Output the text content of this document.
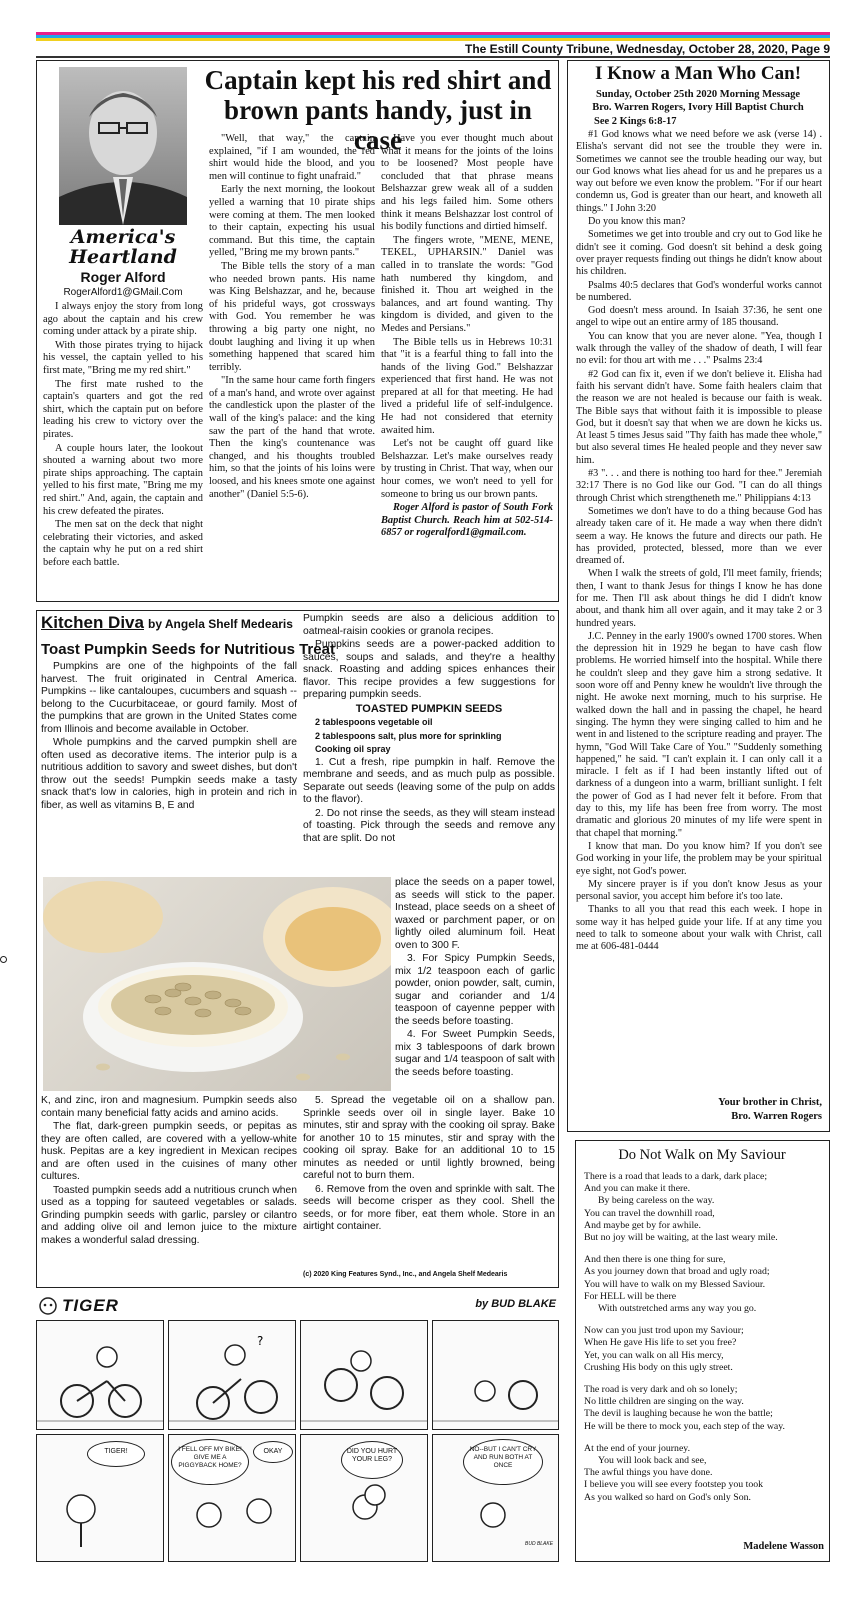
The Estill County Tribune, Wednesday, October 28, 2020, Page 9
America's
Heartland
Roger Alford
RogerAlford1@GMail.Com
Captain kept his red shirt and brown pants handy, just in case

I always enjoy the story from long ago about the captain and his crew coming under attack by a pirate ship.

With those pirates trying to hijack his vessel, the captain yelled to his first mate, "Bring me my red shirt."

The first mate rushed to the captain's quarters and got the red shirt, which the captain put on before leading his crew to victory over the pirates.

A couple hours later, the lookout shouted a warning about two more pirate ships approaching. The captain yelled to his first mate, "Bring me my red shirt." And, again, the captain and his crew defeated the pirates.

The men sat on the deck that night celebrating their victories, and asked the captain why he put on a red shirt before each battle.

"Well, that way," the captain explained, "if I am wounded, the red shirt would hide the blood, and you men will continue to fight unafraid."

Early the next morning, the lookout yelled a warning that 10 pirate ships were coming at them. The men looked to their captain, expecting his usual command. But this time, the captain yelled, "Bring me my brown pants."

The Bible tells the story of a man who needed brown pants. His name was King Belshazzar, and he, because of his prideful ways, got crossways with God. You remember he was throwing a big party one night, no doubt laughing and living it up when something happened that scared him terribly.

"In the same hour came forth fingers of a man's hand, and wrote over against the candlestick upon the plaster of the wall of the king's palace: and the king saw the part of the hand that wrote. Then the king's countenance was changed, and his thoughts troubled him, so that the joints of his loins were loosed, and his knees smote one against another" (Daniel 5:5-6).

Have you ever thought much about what it means for the joints of the loins to be loosened? Most people have concluded that that phrase means Belshazzar grew weak all of a sudden and his legs failed him. Some others think it means Belshazzar lost control of his bodily functions and dirtied himself.

The fingers wrote, "MENE, MENE, TEKEL, UPHARSIN." Daniel was called in to translate the words: "God hath numbered thy kingdom, and finished it. Thou art weighed in the balances, and art found wanting. Thy kingdom is divided, and given to the Medes and Persians."

The Bible tells us in Hebrews 10:31 that "it is a fearful thing to fall into the hands of the living God." Belshazzar experienced that first hand. He was not prepared at all for that meeting. He had lived a prideful life of self-indulgence. He had not considered that eternity awaited him.

Let's not be caught off guard like Belshazzar. Let's make ourselves ready by trusting in Christ. That way, when our hour comes, we won't need to yell for someone to bring us our brown pants.

Roger Alford is pastor of South Fork Baptist Church. Reach him at 502-514-6857 or rogeralford1@gmail.com.

I Know a Man Who Can!
Sunday, October 25th 2020 Morning Message
Bro. Warren Rogers, Ivory Hill Baptist Church
See 2 Kings 6:8-17

#1 God knows what we need before we ask (verse 14) . Elisha's servant did not see the trouble they were in. Sometimes we cannot see the trouble heading our way, but our God knows what lies ahead for us and he prepares us a way out before we even know the problem. "For if our heart condemn us, God is greater than our heart, and knoweth all things." I John 3:20

Do you know this man?

Sometimes we get into trouble and cry out to God like he didn't see it coming. God doesn't sit behind a desk going over prayer requests finding out things he didn't know about his children.

Psalms 40:5 declares that God's wonderful works cannot be numbered.

God doesn't mess around. In Isaiah 37:36, he sent one angel to wipe out an entire army of 185 thousand.

You can know that you are never alone. "Yea, though I walk through the valley of the shadow of death, I will fear no evil: for thou art with me . . ." Psalms 23:4

#2 God can fix it, even if we don't believe it. Elisha had faith his servant didn't have. Some faith healers claim that the reason we are not healed is because our faith is weak. The Bible says that without faith it is impossible to please God, but it doesn't say that when we are down he kicks us. At least 5 times Jesus said "Thy faith has made thee whole," but also several times He healed people and they never saw him.

#3 ". . . and there is nothing too hard for thee." Jeremiah 32:17 There is no God like our God. "I can do all things through Christ which strengtheneth me." Philippians 4:13

Sometimes we don't have to do a thing because God has already taken care of it. He made a way when there didn't seem a way. He knows the future and directs our path. He has provided, protected, blessed, more than we ever dreamed of.

When I walk the streets of gold, I'll meet family, friends; then, I want to thank Jesus for things I know he has done for me. Then I'll ask about things he did I didn't know about, and thank him all over again, and it may take 2 or 3 hundred years.

J.C. Penney in the early 1900's owned 1700 stores. When the depression hit in 1929 he began to have cash flow problems. He worried himself into the hospital. While there he couldn't sleep and they gave him a strong sedative. It soon wore off and Penny knew he wouldn't live through the night. He awoke next morning, much to his surprise. He walked down the hall and in passing the chapel, he heard singing. The hymn they were singing called to him and he went in and listened to the scripture reading and prayer. The hymn, "God Will Take Care of You." "Suddenly something happened," he said. "I can't explain it. I can only call it a miracle. I felt as if I had been instantly lifted out of darkness of a dungeon into a warm, brilliant sunlight. I felt the power of God as I had never felt it before. From that day to this, my life has been free from worry. The most dramatic and glorious 20 minutes of my life were spent in that chapel that morning."

I know that man. Do you know him? If you don't see God working in your life, the problem may be your spiritual eye sight, not God's power.

My sincere prayer is if you don't know Jesus as your personal savior, you accept him before it's too late.

Thanks to all you that read this each week. I hope in some way it has helped guide your life. If at any time you need to talk to someone about your walk with Christ, call me at 606-481-0444

Your brother in Christ,
Bro. Warren Rogers
Kitchen Diva by Angela Shelf Medearis
Toast Pumpkin Seeds for Nutritious Treat

Pumpkins are one of the highpoints of the fall harvest. The fruit originated in Central America. Pumpkins -- like cantaloupes, cucumbers and squash -- belong to the Cucurbitaceae, or gourd family. Most of the pumpkins that are grown in the United States come from Illinois and become available in October.

Whole pumpkins and the carved pumpkin shell are often used as decorative items. The interior pulp is a nutritious addition to savory and sweet dishes, but don't throw out the seeds! Pumpkin seeds make a tasty snack that's low in calories, high in protein and rich in fiber, as well as vitamins B, E and

Pumpkin seeds are also a delicious addition to oatmeal-raisin cookies or granola recipes.

Pumpkins seeds are a power-packed addition to sauces, soups and salads, and they're a healthy snack. Roasting and adding spices enhances their flavor. This recipe provides a few suggestions for preparing pumpkin seeds.

TOASTED PUMPKIN SEEDS

2 tablespoons vegetable oil

2 tablespoons salt, plus more for sprinkling

Cooking oil spray

1. Cut a fresh, ripe pumpkin in half. Remove the membrane and seeds, and as much pulp as possible. Separate out seeds (leaving some of the pulp on adds to the flavor).

2. Do not rinse the seeds, as they will steam instead of toasting. Pick through the seeds and remove any that are split. Do not

place the seeds on a paper towel, as seeds will stick to the paper. Instead, place seeds on a sheet of waxed or parchment paper, or on lightly oiled aluminum foil. Heat oven to 300 F.

3. For Spicy Pumpkin Seeds, mix 1/2 teaspoon each of garlic powder, onion powder, salt, cumin, sugar and coriander and 1/4 teaspoon of cayenne pepper with the seeds before toasting.

4. For Sweet Pumpkin Seeds, mix 3 tablespoons of dark brown sugar and 1/4 teaspoon of salt with the seeds before toasting.

K, and zinc, iron and magnesium. Pumpkin seeds also contain many beneficial fatty acids and amino acids.

The flat, dark-green pumpkin seeds, or pepitas as they are often called, are covered with a yellow-white husk. Pepitas are a key ingredient in Mexican recipes and are often used in the cuisines of many other cultures.

Toasted pumpkin seeds add a nutritious crunch when used as a topping for sauteed vegetables or salads. Grinding pumpkin seeds with garlic, parsley or cilantro and adding olive oil and lemon juice to the mixture makes a wonderful salad dressing.

5. Spread the vegetable oil on a shallow pan. Sprinkle seeds over oil in single layer. Bake 10 minutes, stir and spray with the cooking oil spray. Bake for another 10 to 15 minutes, stir and spray with the cooking oil spray. Bake for an additional 10 to 15 minutes as needed or until lightly browned, being careful not to burn them.

6. Remove from the oven and sprinkle with salt. The seeds will become crisper as they cool. Shell the seeds, or for more fiber, eat them whole. Store in an airtight container.

(c) 2020 King Features Synd., Inc., and Angela Shelf Medearis
TIGER	by BUD BLAKE
?
TIGER!	I FELL OFF MY BIKE! GIVE ME A PIGGYBACK HOME?
OKAY	DID YOU HURT YOUR LEG?
NO--BUT I CAN'T CRY AND RUN BOTH AT ONCE
BUD BLAKE
Do Not Walk on My Saviour

There is a road that leads to a dark, dark place;

And you can make it there.

By being careless on the way.

You can travel the downhill road,

And maybe get by for awhile.

But no joy will be waiting, at the last weary mile.

And then there is one thing for sure,

As you journey down that broad and ugly road;

You will have to walk on my Blessed Saviour.

For HELL will be there

With outstretched arms any way you go.

Now can you just trod upon my Saviour;

When He gave His life to set you free?

Yet, you can walk on all His mercy,

Crushing His body on this ugly street.

The road is very dark and oh so lonely;

No little children are singing on the way.

The devil is laughing because he won the battle;

He will be there to mock you, each step of the way.

At the end of your journey.

You will look back and see,

The awful things you have done.

I believe you will see every footstep you took

As you walked so hard on God's only Son.

Madelene Wasson
